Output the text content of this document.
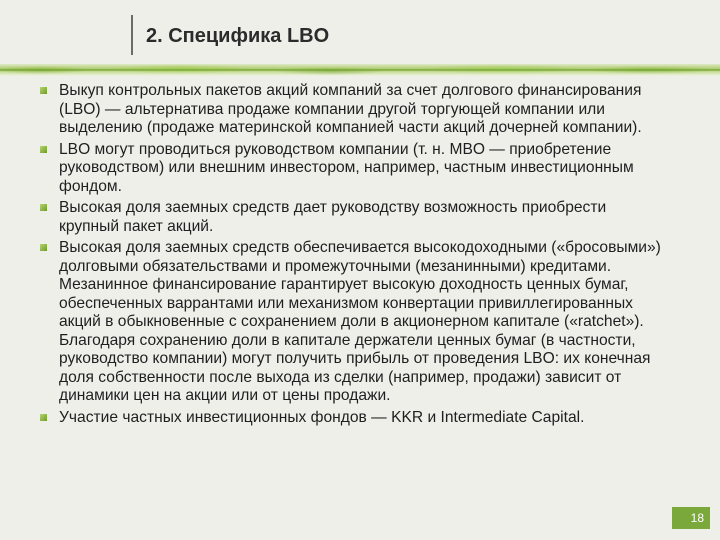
2. Специфика LBO
Выкуп контрольных пакетов акций компаний за счет долгового финансирования (LBO) — альтернатива продаже компании другой торгующей компании или выделению (продаже материнской компанией части акций дочерней компании).
LBO могут проводиться руководством компании (т. н. MBO — приобретение руководством) или внешним инвестором, например, частным инвестиционным фондом.
Высокая доля заемных средств дает руководству возможность приобрести крупный пакет акций.
Высокая доля заемных средств обеспечивается высокодоходными («бросовыми») долговыми обязательствами и промежуточными (мезанинными) кредитами. Мезанинное финансирование гарантирует высокую доходность ценных бумаг, обеспеченных варрантами или механизмом конвертации привиллегированных акций в обыкновенные с сохранением доли в акционерном капитале («ratchet»). Благодаря сохранению доли в капитале держатели ценных бумаг (в частности, руководство компании) могут получить прибыль от проведения LBO: их конечная доля собственности после выхода из сделки (например, продажи) зависит от динамики цен на акции или от цены продажи.
Участие частных инвестиционных фондов — KKR и Intermediate Capital.
18
